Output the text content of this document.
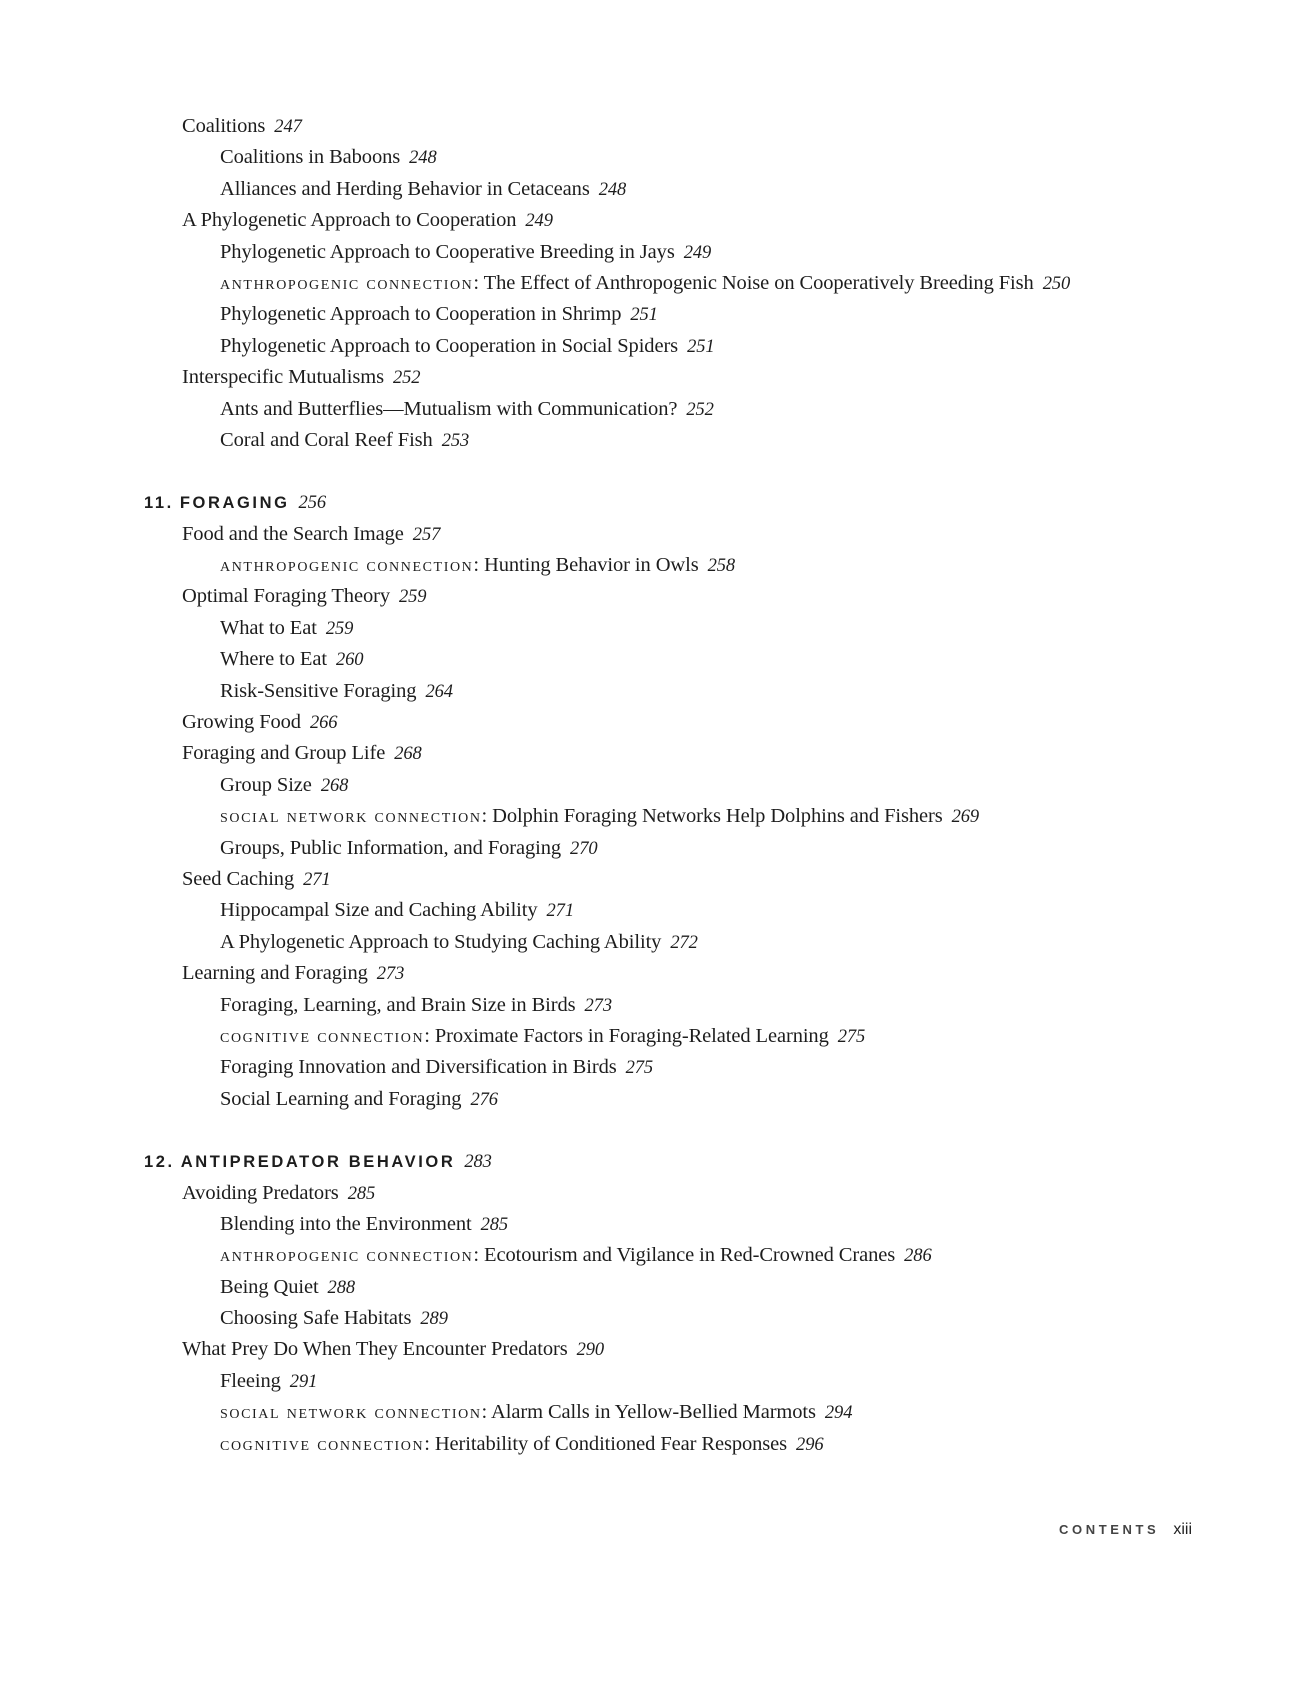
Coalitions 247
Coalitions in Baboons 248
Alliances and Herding Behavior in Cetaceans 248
A Phylogenetic Approach to Cooperation 249
Phylogenetic Approach to Cooperative Breeding in Jays 249
anthropogenic connection: The Effect of Anthropogenic Noise on Cooperatively Breeding Fish 250
Phylogenetic Approach to Cooperation in Shrimp 251
Phylogenetic Approach to Cooperation in Social Spiders 251
Interspecific Mutualisms 252
Ants and Butterflies—Mutualism with Communication? 252
Coral and Coral Reef Fish 253
11. FORAGING 256
Food and the Search Image 257
anthropogenic connection: Hunting Behavior in Owls 258
Optimal Foraging Theory 259
What to Eat 259
Where to Eat 260
Risk-Sensitive Foraging 264
Growing Food 266
Foraging and Group Life 268
Group Size 268
social network connection: Dolphin Foraging Networks Help Dolphins and Fishers 269
Groups, Public Information, and Foraging 270
Seed Caching 271
Hippocampal Size and Caching Ability 271
A Phylogenetic Approach to Studying Caching Ability 272
Learning and Foraging 273
Foraging, Learning, and Brain Size in Birds 273
cognitive connection: Proximate Factors in Foraging-Related Learning 275
Foraging Innovation and Diversification in Birds 275
Social Learning and Foraging 276
12. ANTIPREDATOR BEHAVIOR 283
Avoiding Predators 285
Blending into the Environment 285
anthropogenic connection: Ecotourism and Vigilance in Red-Crowned Cranes 286
Being Quiet 288
Choosing Safe Habitats 289
What Prey Do When They Encounter Predators 290
Fleeing 291
social network connection: Alarm Calls in Yellow-Bellied Marmots 294
cognitive connection: Heritability of Conditioned Fear Responses 296
CONTENTS xiii
